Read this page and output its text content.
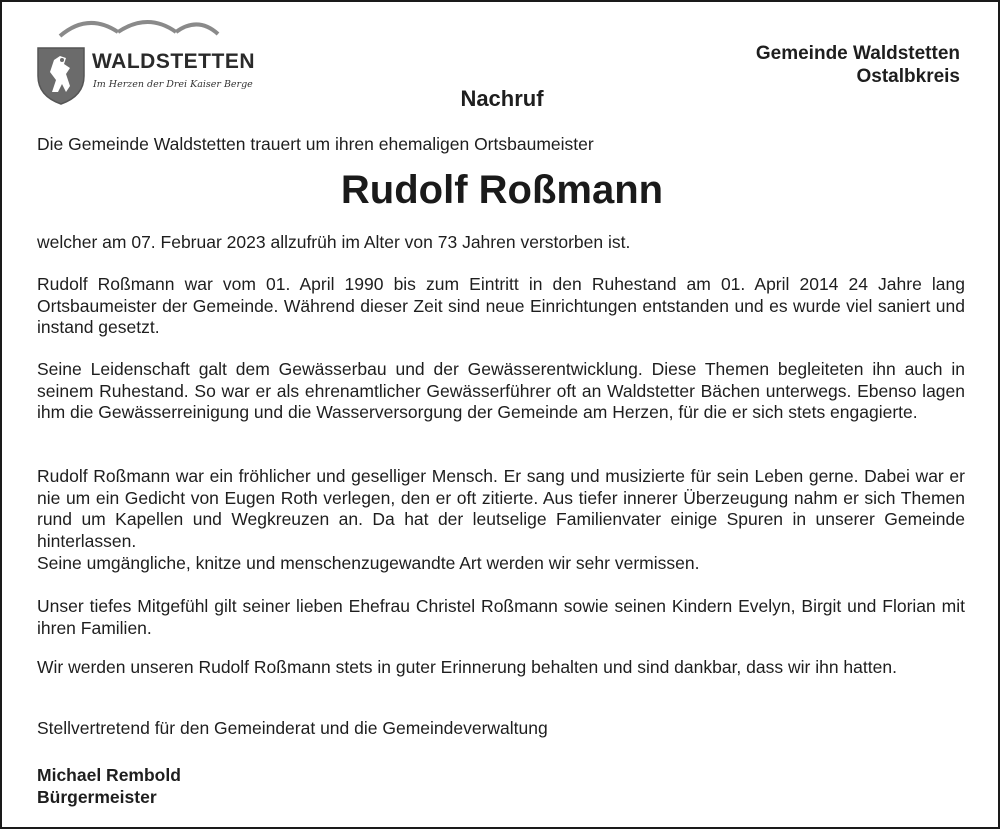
WALDSTETTEN
Im Herzen der Drei Kaiser Berge
Gemeinde Waldstetten
Ostalbkreis
Nachruf
Die Gemeinde Waldstetten trauert um ihren ehemaligen Ortsbaumeister
Rudolf Roßmann
welcher am 07. Februar 2023 allzufrüh im Alter von 73 Jahren verstorben ist.

Rudolf Roßmann war vom 01. April 1990 bis zum Eintritt in den Ruhestand am 01. April 2014 24 Jahre lang Ortsbaumeister der Gemeinde. Während dieser Zeit sind neue Einrichtungen entstanden und es wurde viel saniert und instand gesetzt.

Seine Leidenschaft galt dem Gewässerbau und der Gewässerentwicklung. Diese Themen begleiteten ihn auch in seinem Ruhestand. So war er als ehrenamtlicher Gewässerführer oft an Waldstetter Bächen unterwegs. Ebenso lagen ihm die Gewässerreinigung und die Wasserversorgung der Gemeinde am Herzen, für die er sich stets engagierte.

Rudolf Roßmann war ein fröhlicher und geselliger Mensch. Er sang und musizierte für sein Leben gerne. Dabei war er nie um ein Gedicht von Eugen Roth verlegen, den er oft zitierte. Aus tiefer innerer Überzeugung nahm er sich Themen rund um Kapellen und Wegkreuzen an. Da hat der leutselige Familienvater einige Spuren in unserer Gemeinde hinterlassen.

Seine umgängliche, knitze und menschenzugewandte Art werden wir sehr vermissen.

Unser tiefes Mitgefühl gilt seiner lieben Ehefrau Christel Roßmann sowie seinen Kindern Evelyn, Birgit und Florian mit ihren Familien.

Wir werden unseren Rudolf Roßmann stets in guter Erinnerung behalten und sind dankbar, dass wir ihn hatten.

Stellvertretend für den Gemeinderat und die Gemeindeverwaltung
Michael Rembold
Bürgermeister
